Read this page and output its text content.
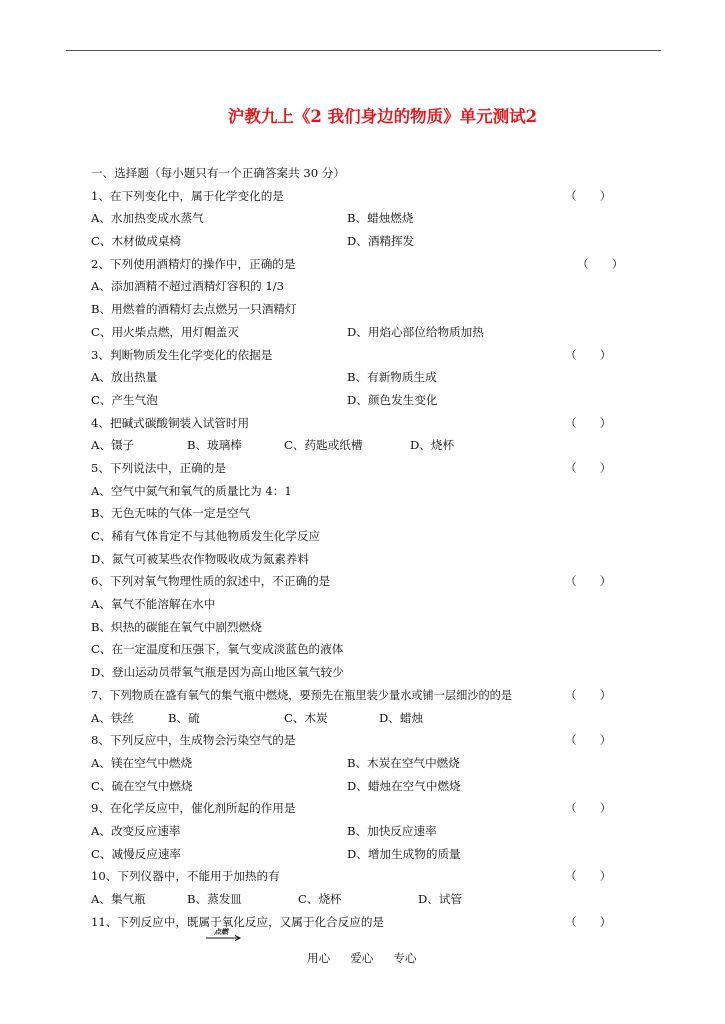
沪教九上《2 我们身边的物质》单元测试2
一、选择题（每小题只有一个正确答案共 30 分）
1、在下列变化中，属于化学变化的是	（　　）
A、水加热变成水蒸气	B、蜡烛燃烧
C、木材做成桌椅	D、酒精挥发
2、下列使用酒精灯的操作中，正确的是	（　　）
A、添加酒精不超过酒精灯容积的 1/3
B、用燃着的酒精灯去点燃另一只酒精灯
C、用火柴点燃，用灯帽盖灭	D、用焰心部位给物质加热
3、判断物质发生化学变化的依据是	（　　）
A、放出热量	B、有新物质生成
C、产生气泡	D、颜色发生变化
4、把碱式碳酸铜装入试管时用	（　　）
A、镊子	B、玻璃棒	C、药匙或纸槽	D、烧杯
5、下列说法中，正确的是	（　　）
A、空气中氮气和氧气的质量比为 4：1
B、无色无味的气体一定是空气
C、稀有气体肯定不与其他物质发生化学反应
D、氮气可被某些农作物吸收成为氮素养料
6、下列对氧气物理性质的叙述中，不正确的是	（　　）
A、氧气不能溶解在水中
B、炽热的碳能在氧气中剧烈燃烧
C、在一定温度和压强下，氧气变成淡蓝色的液体
D、登山运动员带氧气瓶是因为高山地区氧气较少
7、下列物质在盛有氧气的集气瓶中燃烧，要预先在瓶里装少量水或铺一层细沙的的是	（　　）
A、铁丝	B、硫	C、木炭	D、蜡烛
8、下列反应中，生成物会污染空气的是	（　　）
A、镁在空气中燃烧	B、木炭在空气中燃烧
C、硫在空气中燃烧	D、蜡烛在空气中燃烧
9、在化学反应中，催化剂所起的作用是	（　　）
A、改变反应速率	B、加快反应速率
C、减慢反应速率	D、增加生成物的质量
10、下列仪器中，不能用于加热的有	（　　）
A、集气瓶	B、蒸发皿	C、烧杯	D、试管
11、下列反应中，既属于氧化反应，又属于化合反应的是	（　　）
点燃
用心 爱心 专心
